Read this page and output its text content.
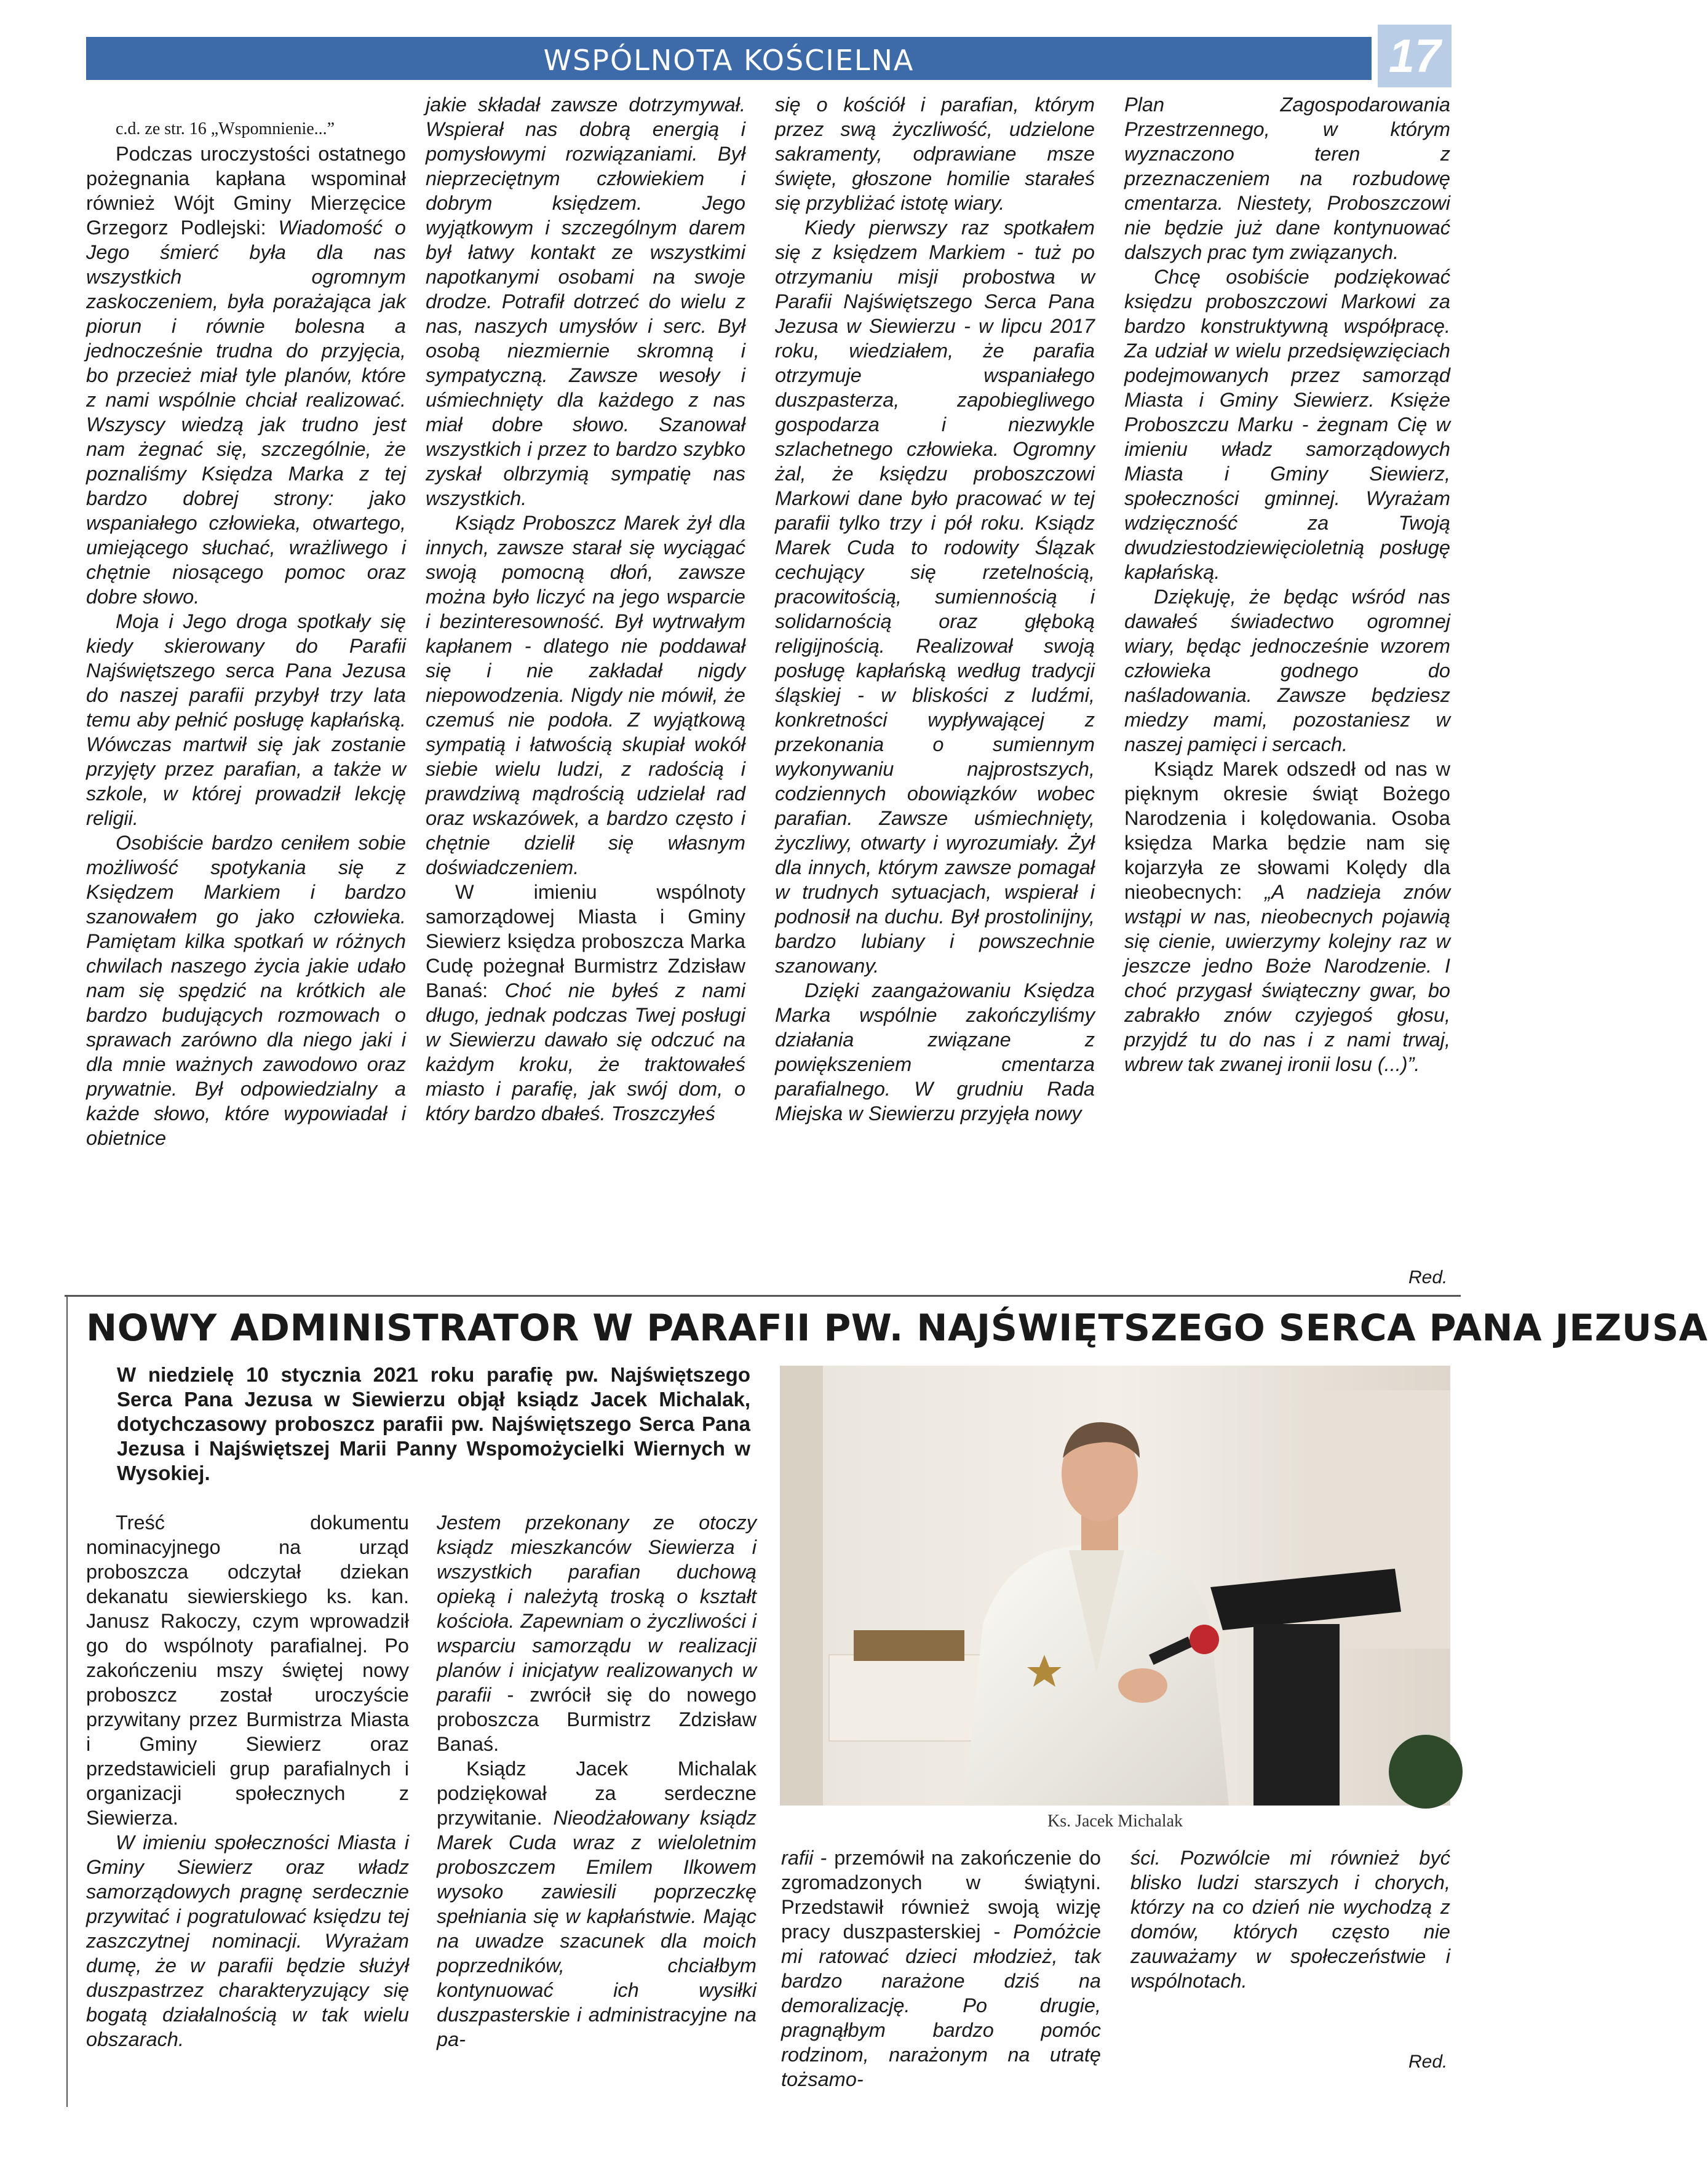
WSPÓLNOTA KOŚCIELNA	17

c.d. ze str. 16 „Wspomnienie...”

Podczas uroczystości ostatnego pożegnania kapłana wspominał również Wójt Gminy Mierzęcice Grzegorz Podlejski: Wiadomość o Jego śmierć była dla nas wszystkich ogromnym zaskoczeniem, była porażająca jak piorun i równie bolesna a jednocześnie trudna do przyjęcia, bo przecież miał tyle planów, które z nami wspólnie chciał realizować. Wszyscy wiedzą jak trudno jest nam żegnać się, szczególnie, że poznaliśmy Księdza Marka z tej bardzo dobrej strony: jako wspaniałego człowieka, otwartego, umiejącego słuchać, wrażliwego i chętnie niosącego pomoc oraz dobre słowo.

Moja i Jego droga spotkały się kiedy skierowany do Parafii Najświętszego serca Pana Jezusa do naszej parafii przybył trzy lata temu aby pełnić posługę kapłańską. Wówczas martwił się jak zostanie przyjęty przez parafian, a także w szkole, w której prowadził lekcję religii.

Osobiście bardzo ceniłem sobie możliwość spotykania się z Księdzem Markiem i bardzo szanowałem go jako człowieka. Pamiętam kilka spotkań w różnych chwilach naszego życia jakie udało nam się spędzić na krótkich ale bardzo budujących rozmowach o sprawach zarówno dla niego jaki i dla mnie ważnych zawodowo oraz prywatnie. Był odpowiedzialny a każde słowo, które wypowiadał i obietnice

jakie składał zawsze dotrzymywał. Wspierał nas dobrą energią i pomysłowymi rozwiązaniami. Był nieprzeciętnym człowiekiem i dobrym księdzem. Jego wyjątkowym i szczególnym darem był łatwy kontakt ze wszystkimi napotkanymi osobami na swoje drodze. Potrafił dotrzeć do wielu z nas, naszych umysłów i serc. Był osobą niezmiernie skromną i sympatyczną. Zawsze wesoły i uśmiechnięty dla każdego z nas miał dobre słowo. Szanował wszystkich i przez to bardzo szybko zyskał olbrzymią sympatię nas wszystkich.

Ksiądz Proboszcz Marek żył dla innych, zawsze starał się wyciągać swoją pomocną dłoń, zawsze można było liczyć na jego wsparcie i bezinteresowność. Był wytrwałym kapłanem - dlatego nie poddawał się i nie zakładał nigdy niepowodzenia. Nigdy nie mówił, że czemuś nie podoła. Z wyjątkową sympatią i łatwością skupiał wokół siebie wielu ludzi, z radością i prawdziwą mądrością udzielał rad oraz wskazówek, a bardzo często i chętnie dzielił się własnym doświadczeniem.

W imieniu wspólnoty samorządowej Miasta i Gminy Siewierz księdza proboszcza Marka Cudę pożegnał Burmistrz Zdzisław Banaś: Choć nie byłeś z nami długo, jednak podczas Twej posługi w Siewierzu dawało się odczuć na każdym kroku, że traktowałeś miasto i parafię, jak swój dom, o który bardzo dbałeś. Troszczyłeś

się o kościół i parafian, którym przez swą życzliwość, udzielone sakramenty, odprawiane msze święte, głoszone homilie starałeś się przybliżać istotę wiary.

Kiedy pierwszy raz spotkałem się z księdzem Markiem - tuż po otrzymaniu misji probostwa w Parafii Najświętszego Serca Pana Jezusa w Siewierzu - w lipcu 2017 roku, wiedziałem, że parafia otrzymuje wspaniałego duszpasterza, zapobiegliwego gospodarza i niezwykle szlachetnego człowieka. Ogromny żal, że księdzu proboszczowi Markowi dane było pracować w tej parafii tylko trzy i pół roku. Ksiądz Marek Cuda to rodowity Ślązak cechujący się rzetelnością, pracowitością, sumiennością i solidarnością oraz głęboką religijnością. Realizował swoją posługę kapłańską według tradycji śląskiej - w bliskości z ludźmi, konkretności wypływającej z przekonania o sumiennym wykonywaniu najprostszych, codziennych obowiązków wobec parafian. Zawsze uśmiechnięty, życzliwy, otwarty i wyrozumiały. Żył dla innych, którym zawsze pomagał w trudnych sytuacjach, wspierał i podnosił na duchu. Był prostolinijny, bardzo lubiany i powszechnie szanowany.

Dzięki zaangażowaniu Księdza Marka wspólnie zakończyliśmy działania związane z powiększeniem cmentarza parafialnego. W grudniu Rada Miejska w Siewierzu przyjęła nowy

Plan Zagospodarowania Przestrzennego, w którym wyznaczono teren z przeznaczeniem na rozbudowę cmentarza. Niestety, Proboszczowi nie będzie już dane kontynuować dalszych prac tym związanych.

Chcę osobiście podziękować księdzu proboszczowi Markowi za bardzo konstruktywną współpracę. Za udział w wielu przedsięwzięciach podejmowanych przez samorząd Miasta i Gminy Siewierz. Księże Proboszczu Marku - żegnam Cię w imieniu władz samorządowych Miasta i Gminy Siewierz, społeczności gminnej. Wyrażam wdzięczność za Twoją dwudziestodziewięcioletnią posługę kapłańską.

Dziękuję, że będąc wśród nas dawałeś świadectwo ogromnej wiary, będąc jednocześnie wzorem człowieka godnego do naśladowania. Zawsze będziesz miedzy mami, pozostaniesz w naszej pamięci i sercach.

Ksiądz Marek odszedł od nas w pięknym okresie świąt Bożego Narodzenia i kolędowania. Osoba księdza Marka będzie nam się kojarzyła ze słowami Kolędy dla nieobecnych: „A nadzieja znów wstąpi w nas, nieobecnych pojawią się cienie, uwierzymy kolejny raz w jeszcze jedno Boże Narodzenie. I choć przygasł świąteczny gwar, bo zabrakło znów czyjegoś głosu, przyjdź tu do nas i z nami trwaj, wbrew tak zwanej ironii losu (...)”.

Red.
NOWY ADMINISTRATOR W PARAFII PW. NAJŚWIĘTSZEGO SERCA PANA JEZUSA
W niedzielę 10 stycznia 2021 roku parafię pw. Najświętszego Serca Pana Jezusa w Siewierzu objął ksiądz Jacek Michalak, dotychczasowy proboszcz parafii pw. Najświętszego Serca Pana Jezusa i Najświętszej Marii Panny Wspomożycielki Wiernych w Wysokiej.
Ks. Jacek Michalak

Treść dokumentu nominacyjnego na urząd proboszcza odczytał dziekan dekanatu siewierskiego ks. kan. Janusz Rakoczy, czym wprowadził go do wspólnoty parafialnej. Po zakończeniu mszy świętej nowy proboszcz został uroczyście przywitany przez Burmistrza Miasta i Gminy Siewierz oraz przedstawicieli grup parafialnych i organizacji społecznych z Siewierza.

W imieniu społeczności Miasta i Gminy Siewierz oraz władz samorządowych pragnę serdecznie przywitać i pogratulować księdzu tej zaszczytnej nominacji. Wyrażam dumę, że w parafii będzie służył duszpastrzez charakteryzujący się bogatą działalnością w tak wielu obszarach.

Jestem przekonany ze otoczy ksiądz mieszkanców Siewierza i wszystkich parafian duchową opieką i należytą troską o kształt kościoła. Zapewniam o życzliwości i wsparciu samorządu w realizacji planów i inicjatyw realizowanych w parafii - zwrócił się do nowego proboszcza Burmistrz Zdzisław Banaś.

Ksiądz Jacek Michalak podziękował za serdeczne przywitanie. Nieodżałowany ksiądz Marek Cuda wraz z wieloletnim proboszczem Emilem Ilkowem wysoko zawiesili poprzeczkę spełniania się w kapłaństwie. Mając na uwadze szacunek dla moich poprzedników, chciałbym kontynuować ich wysiłki duszpasterskie i administracyjne na pa-

rafii - przemówił na zakończenie do zgromadzonych w świątyni. Przedstawił również swoją wizję pracy duszpasterskiej - Pomóżcie mi ratować dzieci młodzież, tak bardzo narażone dziś na demoralizację. Po drugie, pragnąłbym bardzo pomóc rodzinom, narażonym na utratę tożsamo-

ści. Pozwólcie mi również być blisko ludzi starszych i chorych, którzy na co dzień nie wychodzą z domów, których często nie zauważamy w społeczeństwie i wspólnotach.

Red.
